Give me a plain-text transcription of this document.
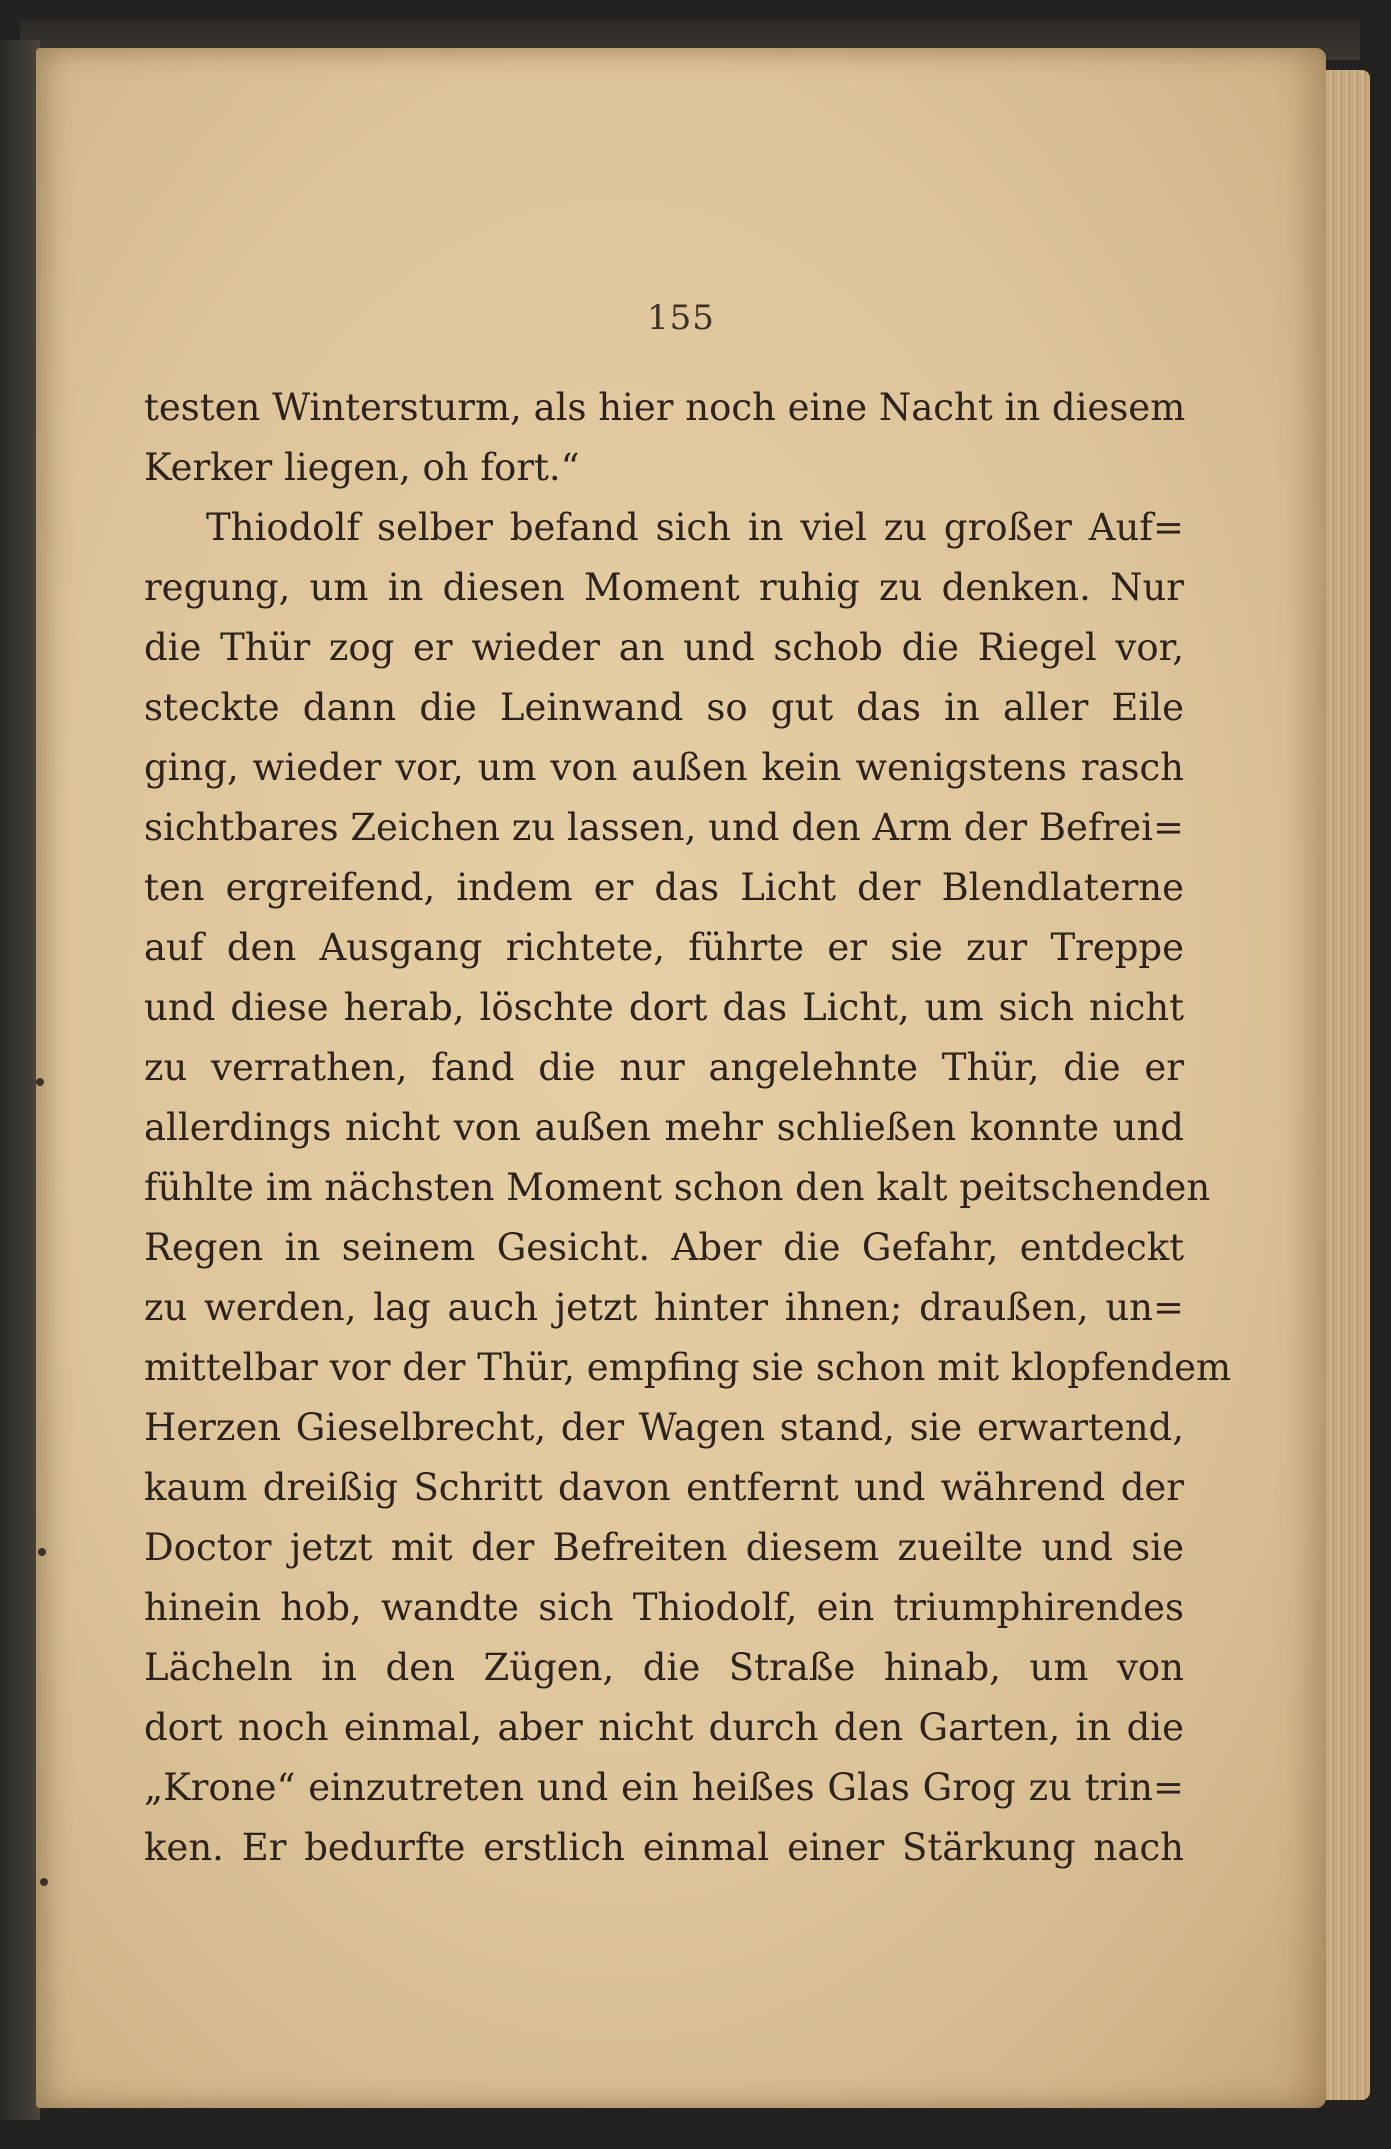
155
testen Wintersturm, als hier noch eine Nacht in diesem
Kerker liegen, oh fort.“
Thiodolf selber befand sich in viel zu großer Auf=
regung, um in diesen Moment ruhig zu denken. Nur
die Thür zog er wieder an und schob die Riegel vor,
steckte dann die Leinwand so gut das in aller Eile
ging, wieder vor, um von außen kein wenigstens rasch
sichtbares Zeichen zu lassen, und den Arm der Befrei=
ten ergreifend, indem er das Licht der Blendlaterne
auf den Ausgang richtete, führte er sie zur Treppe
und diese herab, löschte dort das Licht, um sich nicht
zu verrathen, fand die nur angelehnte Thür, die er
allerdings nicht von außen mehr schließen konnte und
fühlte im nächsten Moment schon den kalt peitschenden
Regen in seinem Gesicht. Aber die Gefahr, entdeckt
zu werden, lag auch jetzt hinter ihnen; draußen, un=
mittelbar vor der Thür, empfing sie schon mit klopfendem
Herzen Gieselbrecht, der Wagen stand, sie erwartend,
kaum dreißig Schritt davon entfernt und während der
Doctor jetzt mit der Befreiten diesem zueilte und sie
hinein hob, wandte sich Thiodolf, ein triumphirendes
Lächeln in den Zügen, die Straße hinab, um von
dort noch einmal, aber nicht durch den Garten, in die
„Krone“ einzutreten und ein heißes Glas Grog zu trin=
ken. Er bedurfte erstlich einmal einer Stärkung nach
